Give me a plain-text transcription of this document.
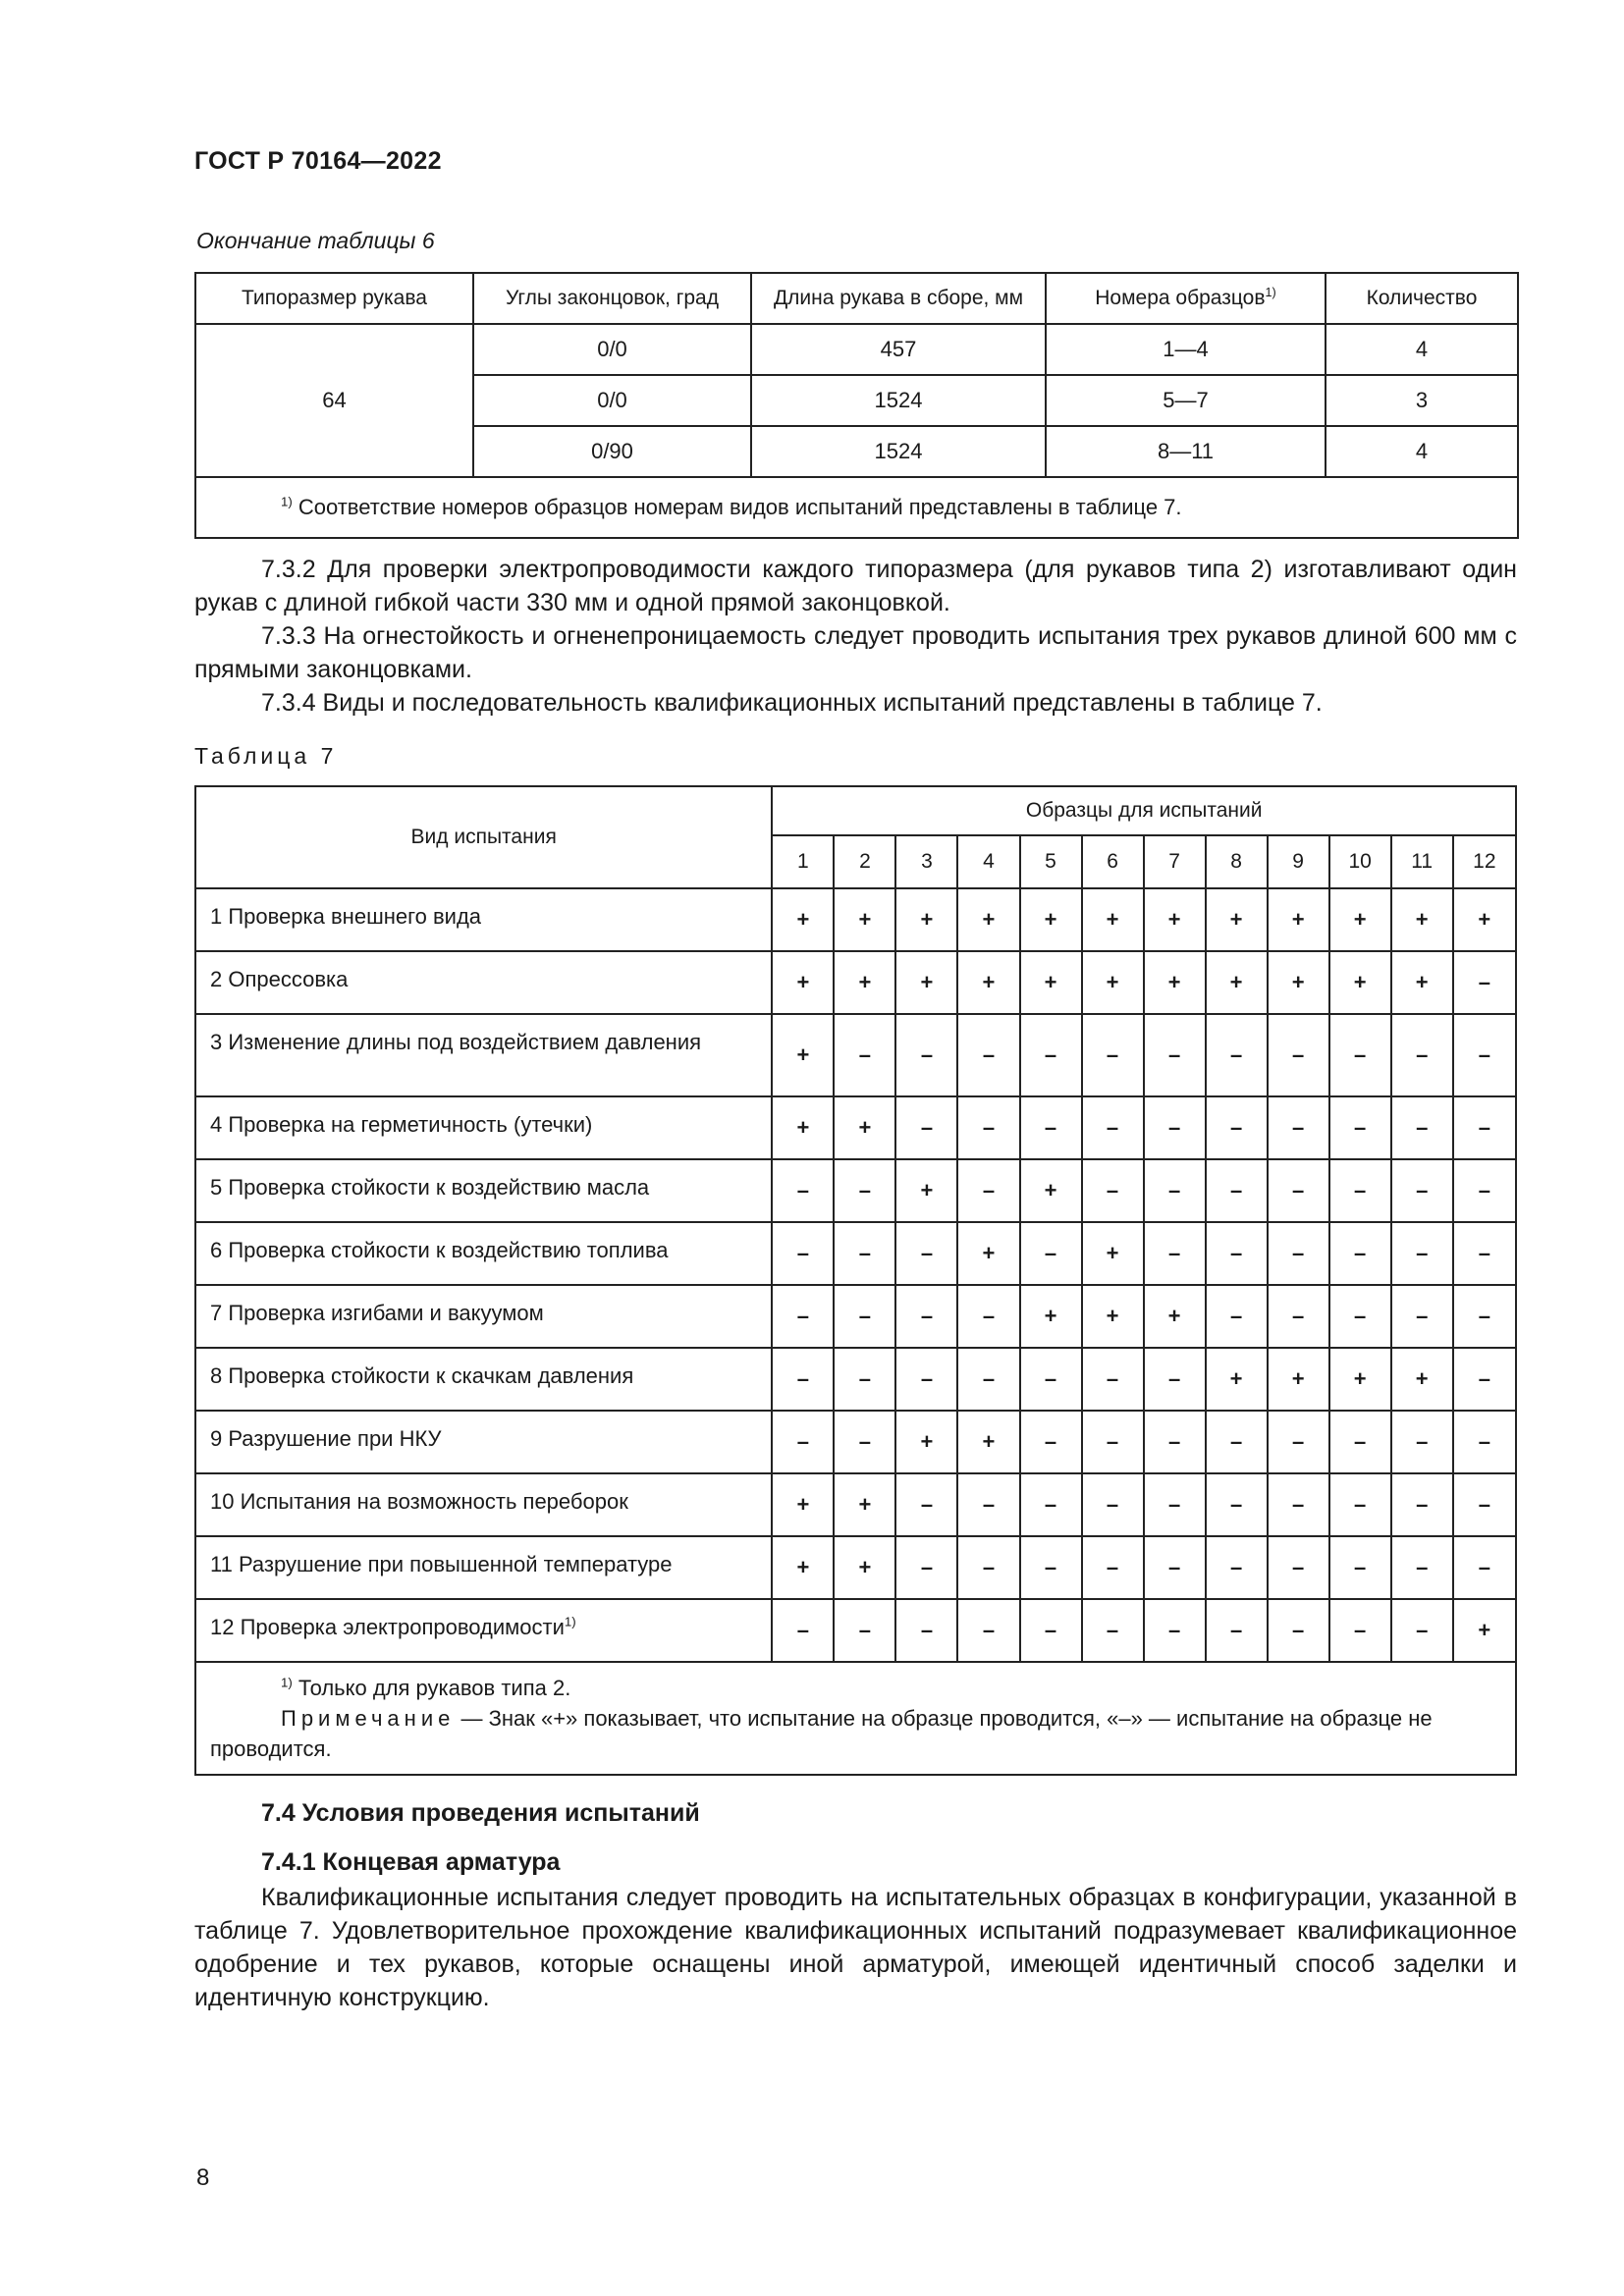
ГОСТ Р 70164—2022
Окончание таблицы 6
Типоразмер рукава	Углы законцовок, град	Длина рукава в сборе, мм	Номера образцов$^{1)}$	Количество
64	0/0	457	1—4	4
	0/0	1524	5—7	3
	0/90	1524	8—11	4
$^{1)}$ Соответствие номеров образцов номерам видов испытаний представлены в таблице 7.				
7.3.2 Для проверки электропроводимости каждого типоразмера (для рукавов типа 2) изготавливают один рукав с длиной гибкой части 330 мм и одной прямой законцовкой.
7.3.3 На огнестойкость и огненепроницаемость следует проводить испытания трех рукавов длиной 600 мм с прямыми законцовками.
7.3.4 Виды и последовательность квалификационных испытаний представлены в таблице 7.
Таблица 7
Вид испытания	Образцы для испытаний											
	1	2	3	4	5	6	7	8	9	10	11	12
1 Проверка внешнего вида	+	+	+	+	+	+	+	+	+	+	+	+
2 Опрессовка	+	+	+	+	+	+	+	+	+	+	+	–
3 Изменение длины под воздействием давления	+	–	–	–	–	–	–	–	–	–	–	–
4 Проверка на герметичность (утечки)	+	+	–	–	–	–	–	–	–	–	–	–
5 Проверка стойкости к воздействию масла	–	–	+	–	+	–	–	–	–	–	–	–
6 Проверка стойкости к воздействию топлива	–	–	–	+	–	+	–	–	–	–	–	–
7 Проверка изгибами и вакуумом	–	–	–	–	+	+	+	–	–	–	–	–
8 Проверка стойкости к скачкам давления	–	–	–	–	–	–	–	+	+	+	+	–
9 Разрушение при НКУ	–	–	+	+	–	–	–	–	–	–	–	–
10 Испытания на возможность переборок	+	+	–	–	–	–	–	–	–	–	–	–
11 Разрушение при повышенной температуре	+	+	–	–	–	–	–	–	–	–	–	–
12 Проверка электропроводимости$^{1)}$	–	–	–	–	–	–	–	–	–	–	–	+

$^{1)}$ Только для рукавов типа 2.
Примечание — Знак «+» показывает, что испытание на образце проводится, «–» — испытание на образце не проводится.												
7.4 Условия проведения испытаний
7.4.1 Концевая арматура
Квалификационные испытания следует проводить на испытательных образцах в конфигурации, указанной в таблице 7. Удовлетворительное прохождение квалификационных испытаний подразумевает квалификационное одобрение и тех рукавов, которые оснащены иной арматурой, имеющей идентичный способ заделки и идентичную конструкцию.
8
